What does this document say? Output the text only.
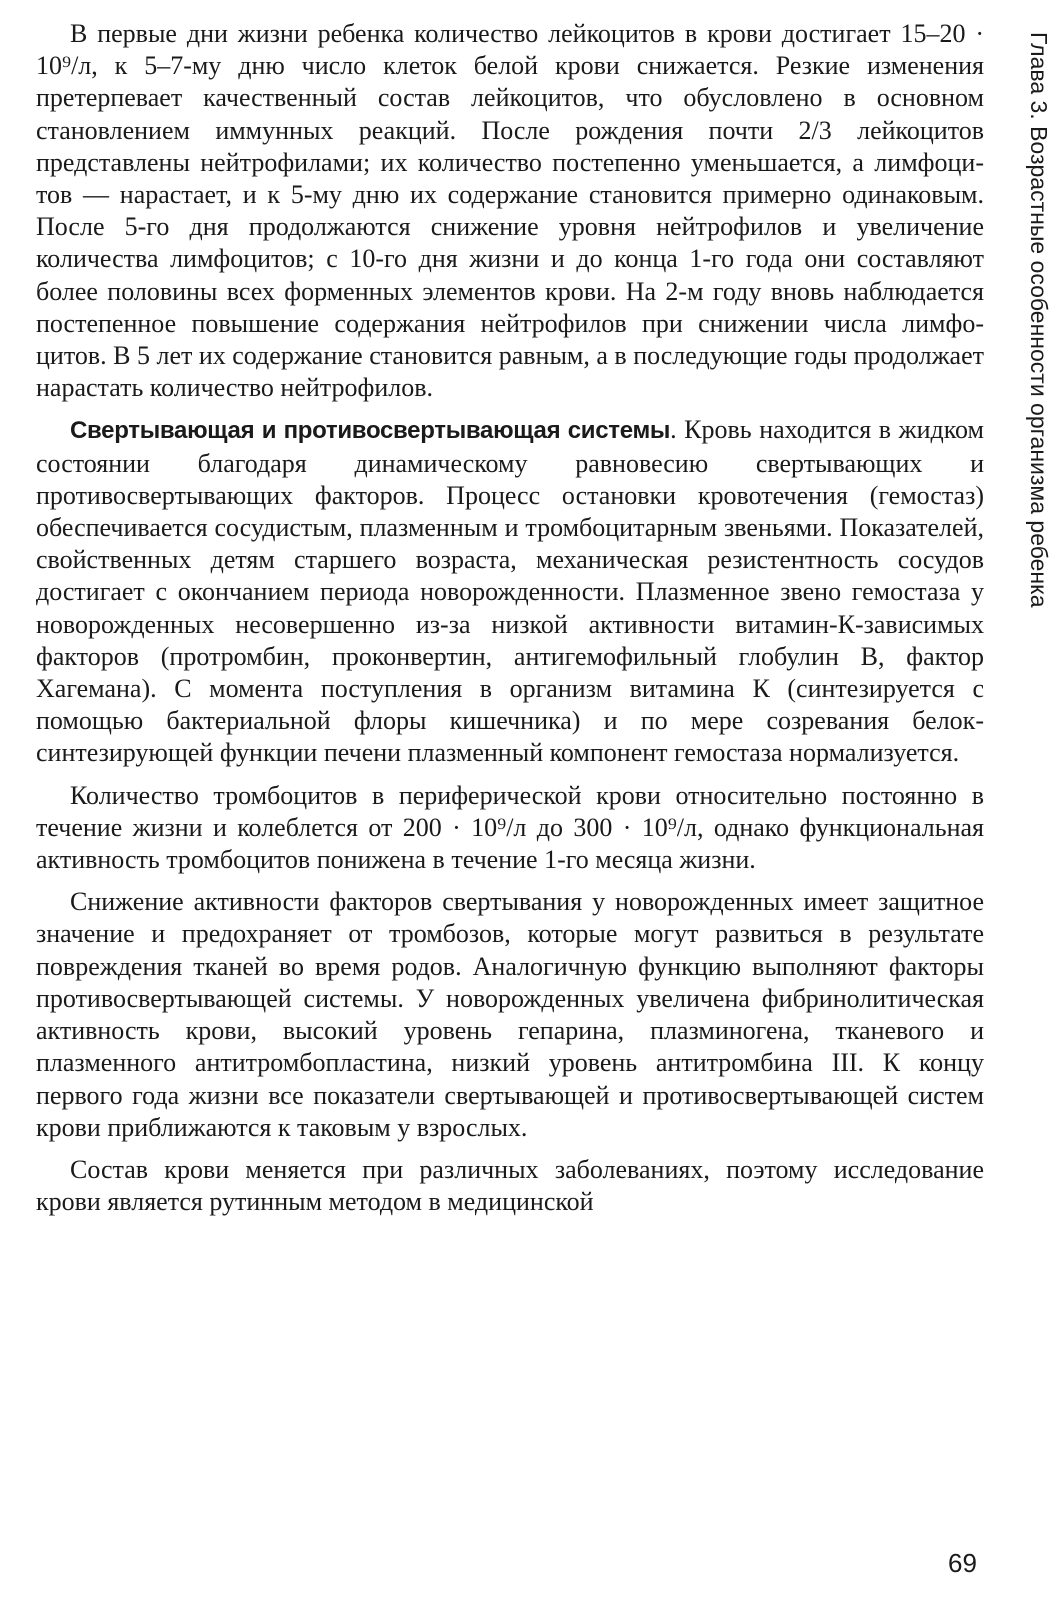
В первые дни жизни ребенка количество лейкоцитов в крови достигает 15–20 · 10⁹/л, к 5–7-му дню число клеток белой крови снижается. Резкие изменения претерпевает качественный состав лейкоцитов, что обусловлено в основном становлением иммунных реакций. После рождения почти 2/3 лейкоцитов представлены нейтрофилами; их количество постепенно уменьшается, а лимфоцитов — нарастает, и к 5-му дню их содержание становится примерно одинаковым. После 5-го дня продолжаются снижение уровня нейтрофилов и увеличение количества лимфоцитов; с 10-го дня жизни и до конца 1-го года они составляют более половины всех форменных элементов крови. На 2-м году вновь наблюдается постепенное повышение содержания нейтрофилов при снижении числа лимфоцитов. В 5 лет их содержание становится равным, а в последующие годы продолжает нарастать количество нейтрофилов.

Свертывающая и противосвертывающая системы. Кровь находится в жидком состоянии благодаря динамическому равновесию свертывающих и противосвертывающих факторов. Процесс остановки кровотечения (гемостаз) обеспечивается сосудистым, плазменным и тромбоцитарным звеньями. Показателей, свойственных детям старшего возраста, механическая резистентность сосудов достигает с окончанием периода новорожденности. Плазменное звено гемостаза у новорожденных несовершенно из-за низкой активности витамин-К-зависимых факторов (протромбин, проконвертин, антигемофильный глобулин В, фактор Хагемана). С момента поступления в организм витамина К (синтезируется с помощью бактериальной флоры кишечника) и по мере созревания белоксинтезирующей функции печени плазменный компонент гемостаза нормализуется.

Количество тромбоцитов в периферической крови относительно постоянно в течение жизни и колеблется от 200 · 10⁹/л до 300 · 10⁹/л, однако функциональная активность тромбоцитов понижена в течение 1-го месяца жизни.

Снижение активности факторов свертывания у новорожденных имеет защитное значение и предохраняет от тромбозов, которые могут развиться в результате повреждения тканей во время родов. Аналогичную функцию выполняют факторы противосвертывающей системы. У новорожденных увеличена фибринолитическая активность крови, высокий уровень гепарина, плазминогена, тканевого и плазменного антитромбопластина, низкий уровень антитромбина III. К концу первого года жизни все показатели свертывающей и противосвертывающей систем крови приближаются к таковым у взрослых.

Состав крови меняется при различных заболеваниях, поэтому исследование крови является рутинным методом в медицинской

Глава 3. Возрастные особенности организма ребенка
69
